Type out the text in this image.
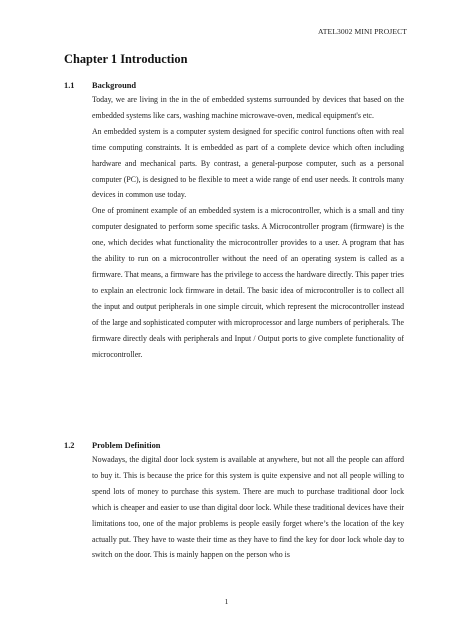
ATEL3002 MINI PROJECT
Chapter 1 Introduction
1.1	Background

Today, we are living in the in the of embedded systems surrounded by devices that based on the embedded systems like cars, washing machine microwave-oven, medical equipment's etc.

An embedded system is a computer system designed for specific control functions often with real time computing constraints. It is embedded as part of a complete device which often including hardware and mechanical parts. By contrast, a general-purpose computer, such as a personal computer (PC), is designed to be flexible to meet a wide range of end user needs. It controls many devices in common use today.

One of prominent example of an embedded system is a microcontroller, which is a small and tiny computer designated to perform some specific tasks. A Microcontroller program (firmware) is the one, which decides what functionality the microcontroller provides to a user. A program that has the ability to run on a microcontroller without the need of an operating system is called as a firmware. That means, a firmware has the privilege to access the hardware directly. This paper tries to explain an electronic lock firmware in detail. The basic idea of microcontroller is to collect all the input and output peripherals in one simple circuit, which represent the microcontroller instead of the large and sophisticated computer with microprocessor and large numbers of peripherals. The firmware directly deals with peripherals and Input / Output ports to give complete functionality of microcontroller.

1.2	Problem Definition

Nowadays, the digital door lock system is available at anywhere, but not all the people can afford to buy it. This is because the price for this system is quite expensive and not all people willing to spend lots of money to purchase this system. There are much to purchase traditional door lock which is cheaper and easier to use than digital door lock. While these traditional devices have their limitations too, one of the major problems is people easily forget where’s the location of the key actually put. They have to waste their time as they have to find the key for door lock whole day to switch on the door. This is mainly happen on the person who is

1
